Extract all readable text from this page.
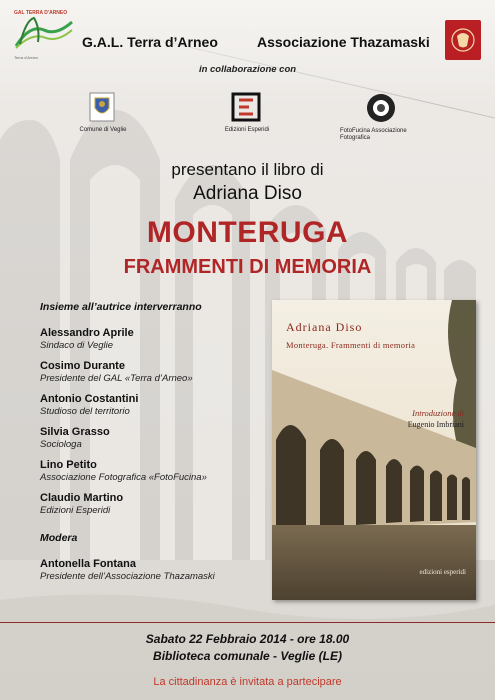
GAL TERRA D'ARNEO
Terra d'Arneo
G.A.L. Terra d’Arneo	Associazione Thazamaski
in collaborazione con
Comune di Veglie	Edizioni Esperidi	FotoFucina Associazione Fotografica
presentano il libro di
Adriana Diso
MONTERUGA
FRAMMENTI DI MEMORIA
Insieme all’autrice interverranno
Alessandro Aprile
Sindaco di Veglie
Cosimo Durante
Presidente del GAL «Terra d’Arneo»
Antonio Costantini
Studioso del territorio
Silvia Grasso
Sociologa
Lino Petito
Associazione Fotografica «FotoFucina»
Claudio Martino
Edizioni Esperidi
Modera
Antonella Fontana
Presidente dell’Associazione Thazamaski
Adriana Diso
Monteruga. Frammenti di memoria
Introduzione di
Eugenio Imbriani
edizioni esperidi
Sabato 22 Febbraio 2014 - ore 18.00
Biblioteca comunale - Veglie (LE)
La cittadinanza è invitata a partecipare
